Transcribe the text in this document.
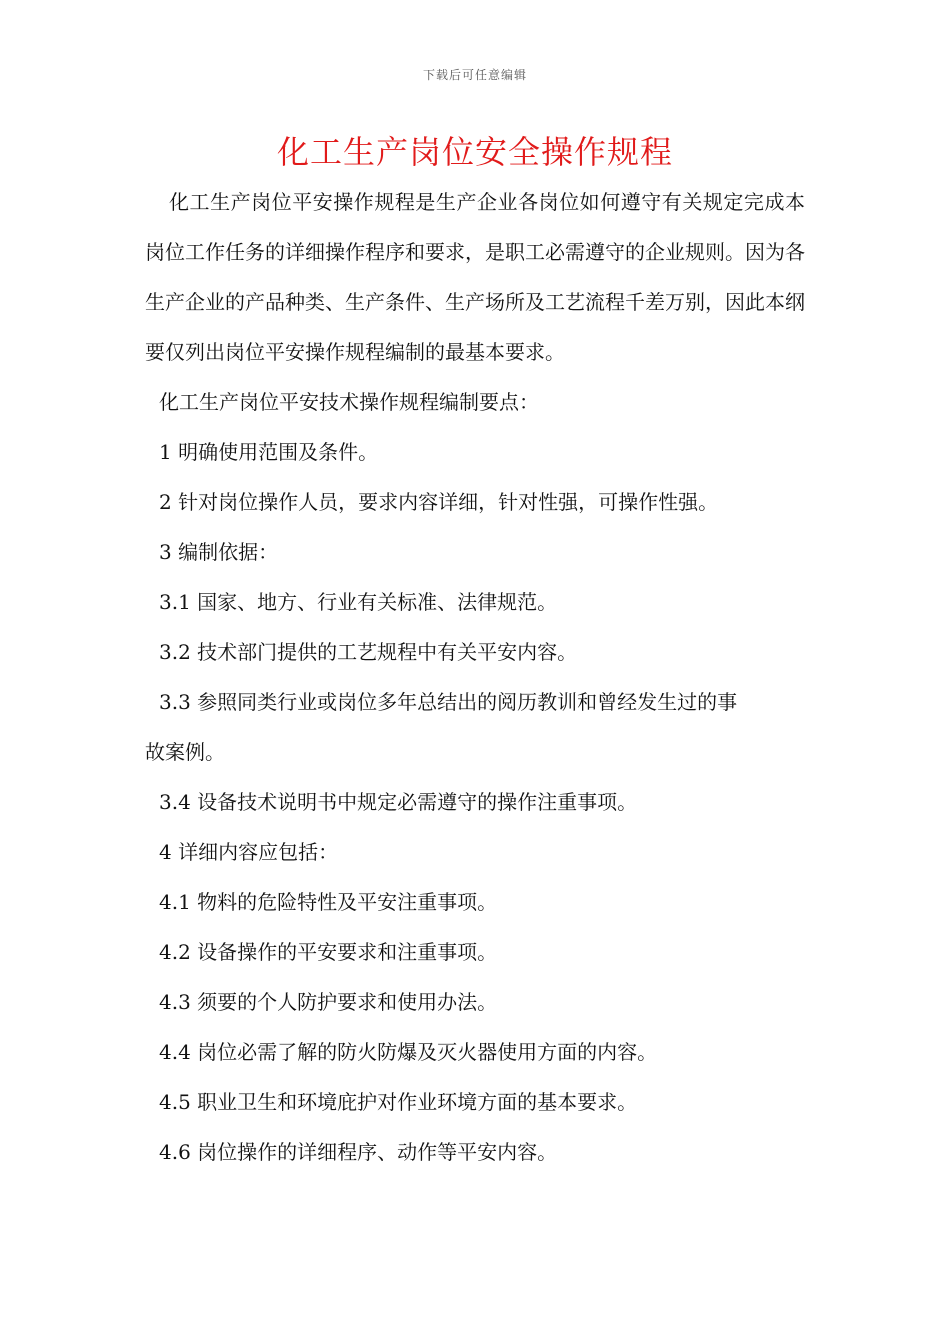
下载后可任意编辑
化工生产岗位安全操作规程

化工生产岗位平安操作规程是生产企业各岗位如何遵守有关规定完成本岗位工作任务的详细操作程序和要求，是职工必需遵守的企业规则。因为各生产企业的产品种类、生产条件、生产场所及工艺流程千差万别，因此本纲要仅列出岗位平安操作规程编制的最基本要求。

化工生产岗位平安技术操作规程编制要点：

1 明确使用范围及条件。

2 针对岗位操作人员，要求内容详细，针对性强，可操作性强。

3 编制依据：

3.1 国家、地方、行业有关标准、法律规范。

3.2 技术部门提供的工艺规程中有关平安内容。

3.3 参照同类行业或岗位多年总结出的阅历教训和曾经发生过的事

故案例。

3.4 设备技术说明书中规定必需遵守的操作注重事项。

4 详细内容应包括：

4.1 物料的危险特性及平安注重事项。

4.2 设备操作的平安要求和注重事项。

4.3 须要的个人防护要求和使用办法。

4.4 岗位必需了解的防火防爆及灭火器使用方面的内容。

4.5 职业卫生和环境庇护对作业环境方面的基本要求。

4.6 岗位操作的详细程序、动作等平安内容。
